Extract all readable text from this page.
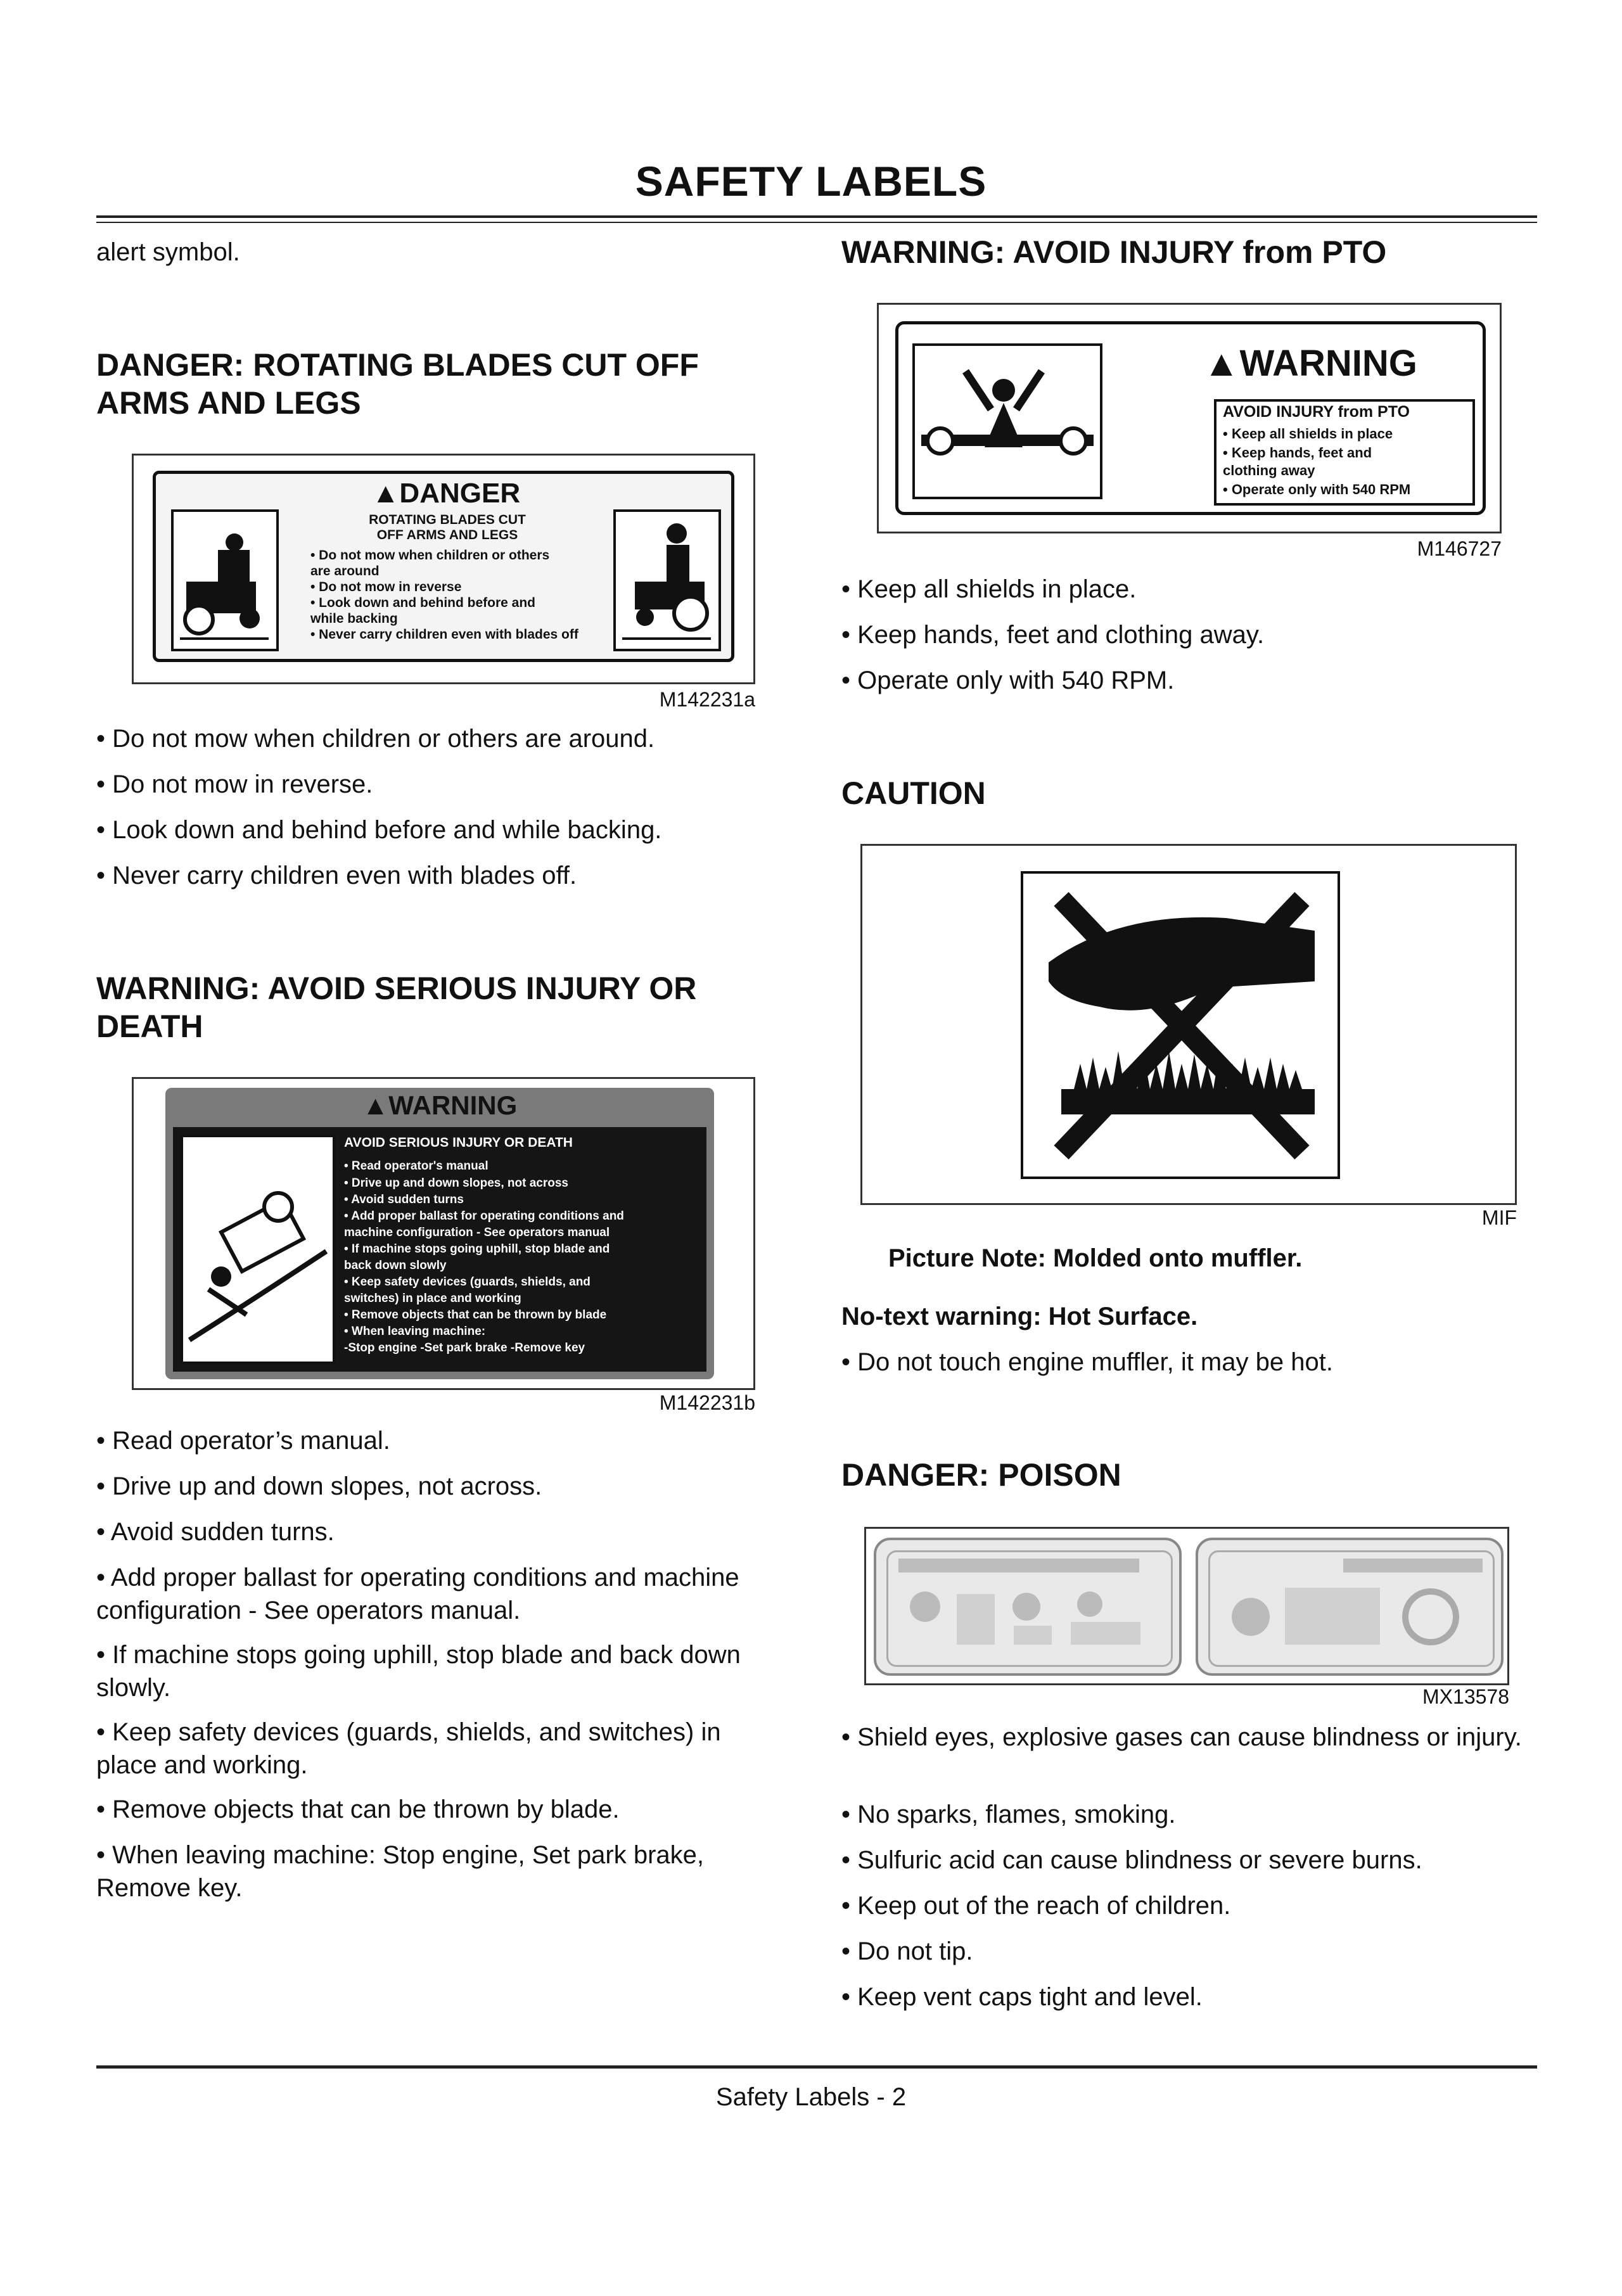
SAFETY LABELS
alert symbol.
DANGER: ROTATING BLADES CUT OFF
ARMS AND LEGS
▲DANGER
ROTATING BLADES CUT
OFF ARMS AND LEGS
• Do not mow when children or others
are around
• Do not mow in reverse
• Look down and behind before and
while backing
• Never carry children even with blades off
M142231a
• Do not mow when children or others are around.
• Do not mow in reverse.
• Look down and behind before and while backing.
• Never carry children even with blades off.
WARNING: AVOID SERIOUS INJURY OR
DEATH
▲WARNING
AVOID SERIOUS INJURY OR DEATH
• Read operator's manual
• Drive up and down slopes, not across
• Avoid sudden turns
• Add proper ballast for operating conditions and
machine configuration - See operators manual
• If machine stops going uphill, stop blade and
back down slowly
• Keep safety devices (guards, shields, and
switches) in place and working
• Remove objects that can be thrown by blade
• When leaving machine:
-Stop engine -Set park brake -Remove key
M142231b
• Read operator’s manual.
• Drive up and down slopes, not across.
• Avoid sudden turns.
• Add proper ballast for operating conditions and machine configuration - See operators manual.
• If machine stops going uphill, stop blade and back down slowly.
• Keep safety devices (guards, shields, and switches) in place and working.
• Remove objects that can be thrown by blade.
• When leaving machine: Stop engine, Set park brake, Remove key.
WARNING: AVOID INJURY from PTO
▲WARNING
AVOID INJURY from PTO
• Keep all shields in place
• Keep hands, feet and
clothing away
• Operate only with 540 RPM
M146727
• Keep all shields in place.
• Keep hands, feet and clothing away.
• Operate only with 540 RPM.
CAUTION
MIF
Picture Note: Molded onto muffler.
No-text warning: Hot Surface.
• Do not touch engine muffler, it may be hot.
DANGER: POISON
MX13578
• Shield eyes, explosive gases can cause blindness or injury.
• No sparks, flames, smoking.
• Sulfuric acid can cause blindness or severe burns.
• Keep out of the reach of children.
• Do not tip.
• Keep vent caps tight and level.
Safety Labels - 2
